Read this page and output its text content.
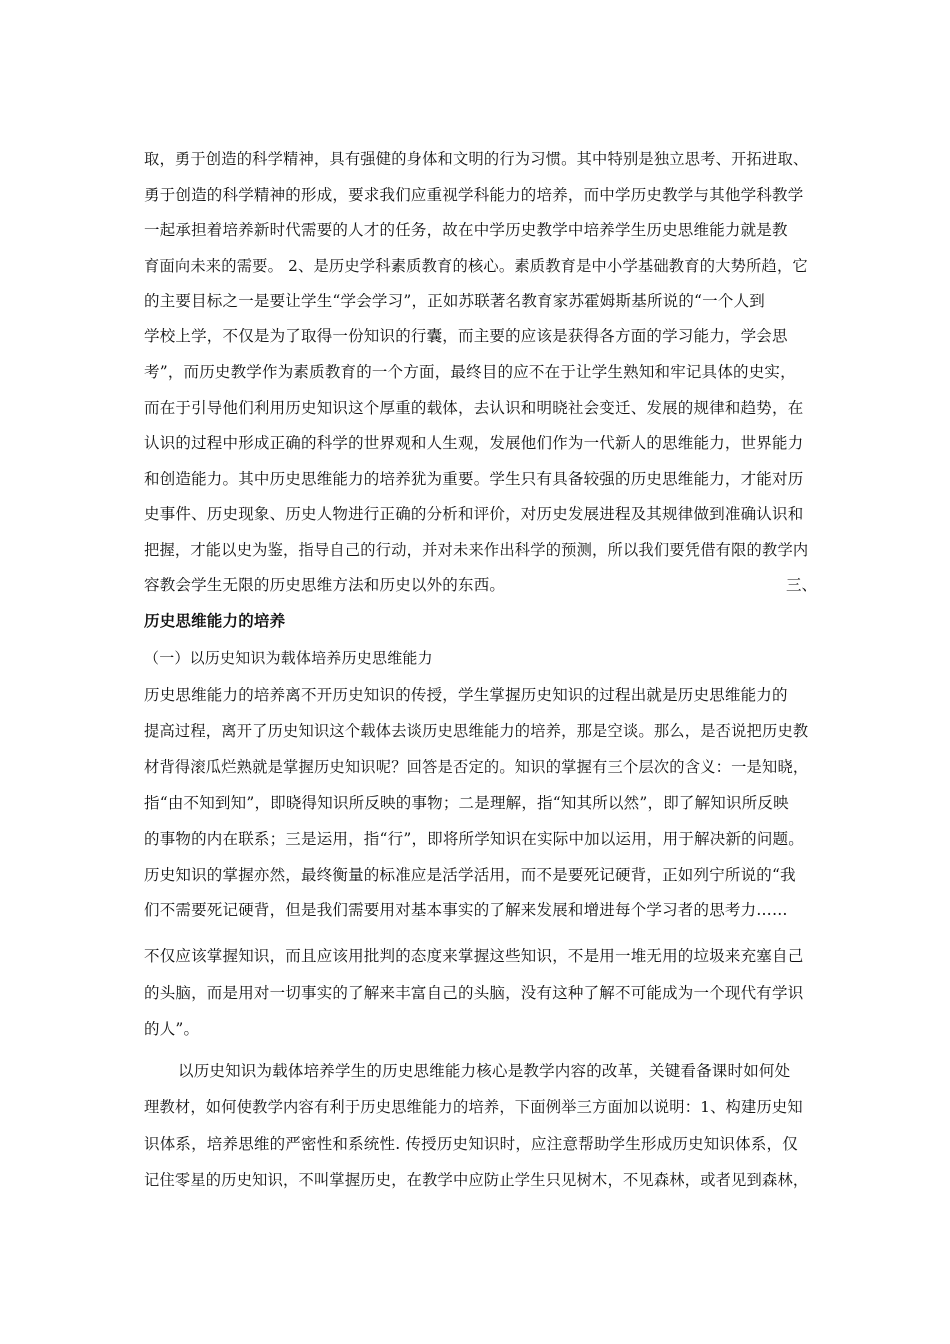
取，勇于创造的科学精神，具有强健的身体和文明的行为习惯。其中特别是独立思考、开拓进取、
勇于创造的科学精神的形成，要求我们应重视学科能力的培养，而中学历史教学与其他学科教学
一起承担着培养新时代需要的人才的任务，故在中学历史教学中培养学生历史思维能力就是教
育面向未来的需要。 2、是历史学科素质教育的核心。素质教育是中小学基础教育的大势所趋，它
的主要目标之一是要让学生“学会学习”，正如苏联著名教育家苏霍姆斯基所说的“一个人到
学校上学，不仅是为了取得一份知识的行囊，而主要的应该是获得各方面的学习能力，学会思
考”，而历史教学作为素质教育的一个方面，最终目的应不在于让学生熟知和牢记具体的史实，
而在于引导他们利用历史知识这个厚重的载体，去认识和明晓社会变迁、发展的规律和趋势，在
认识的过程中形成正确的科学的世界观和人生观，发展他们作为一代新人的思维能力，世界能力
和创造能力。其中历史思维能力的培养犹为重要。学生只有具备较强的历史思维能力，才能对历
史事件、历史现象、历史人物进行正确的分析和评价，对历史发展进程及其规律做到准确认识和
把握，才能以史为鉴，指导自己的行动，并对未来作出科学的预测，所以我们要凭借有限的教学内
容教会学生无限的历史思维方法和历史以外的东西。	三、
历史思维能力的培养
（一）以历史知识为载体培养历史思维能力
历史思维能力的培养离不开历史知识的传授，学生掌握历史知识的过程出就是历史思维能力的
提高过程，离开了历史知识这个载体去谈历史思维能力的培养，那是空谈。那么，是否说把历史教
材背得滚瓜烂熟就是掌握历史知识呢？回答是否定的。知识的掌握有三个层次的含义：一是知晓，
指“由不知到知”，即晓得知识所反映的事物；二是理解，指“知其所以然”，即了解知识所反映
的事物的内在联系；三是运用，指“行”，即将所学知识在实际中加以运用，用于解决新的问题。
历史知识的掌握亦然，最终衡量的标准应是活学活用，而不是要死记硬背，正如列宁所说的“我
们不需要死记硬背，但是我们需要用对基本事实的了解来发展和增进每个学习者的思考力……
不仅应该掌握知识，而且应该用批判的态度来掌握这些知识，不是用一堆无用的垃圾来充塞自己
的头脑，而是用对一切事实的了解来丰富自己的头脑，没有这种了解不可能成为一个现代有学识
的人”。
以历史知识为载体培养学生的历史思维能力核心是教学内容的改革，关键看备课时如何处
理教材，如何使教学内容有利于历史思维能力的培养，下面例举三方面加以说明：1、构建历史知
识体系，培养思维的严密性和系统性. 传授历史知识时，应注意帮助学生形成历史知识体系，仅
记住零星的历史知识，不叫掌握历史，在教学中应防止学生只见树木，不见森林，或者见到森林，
